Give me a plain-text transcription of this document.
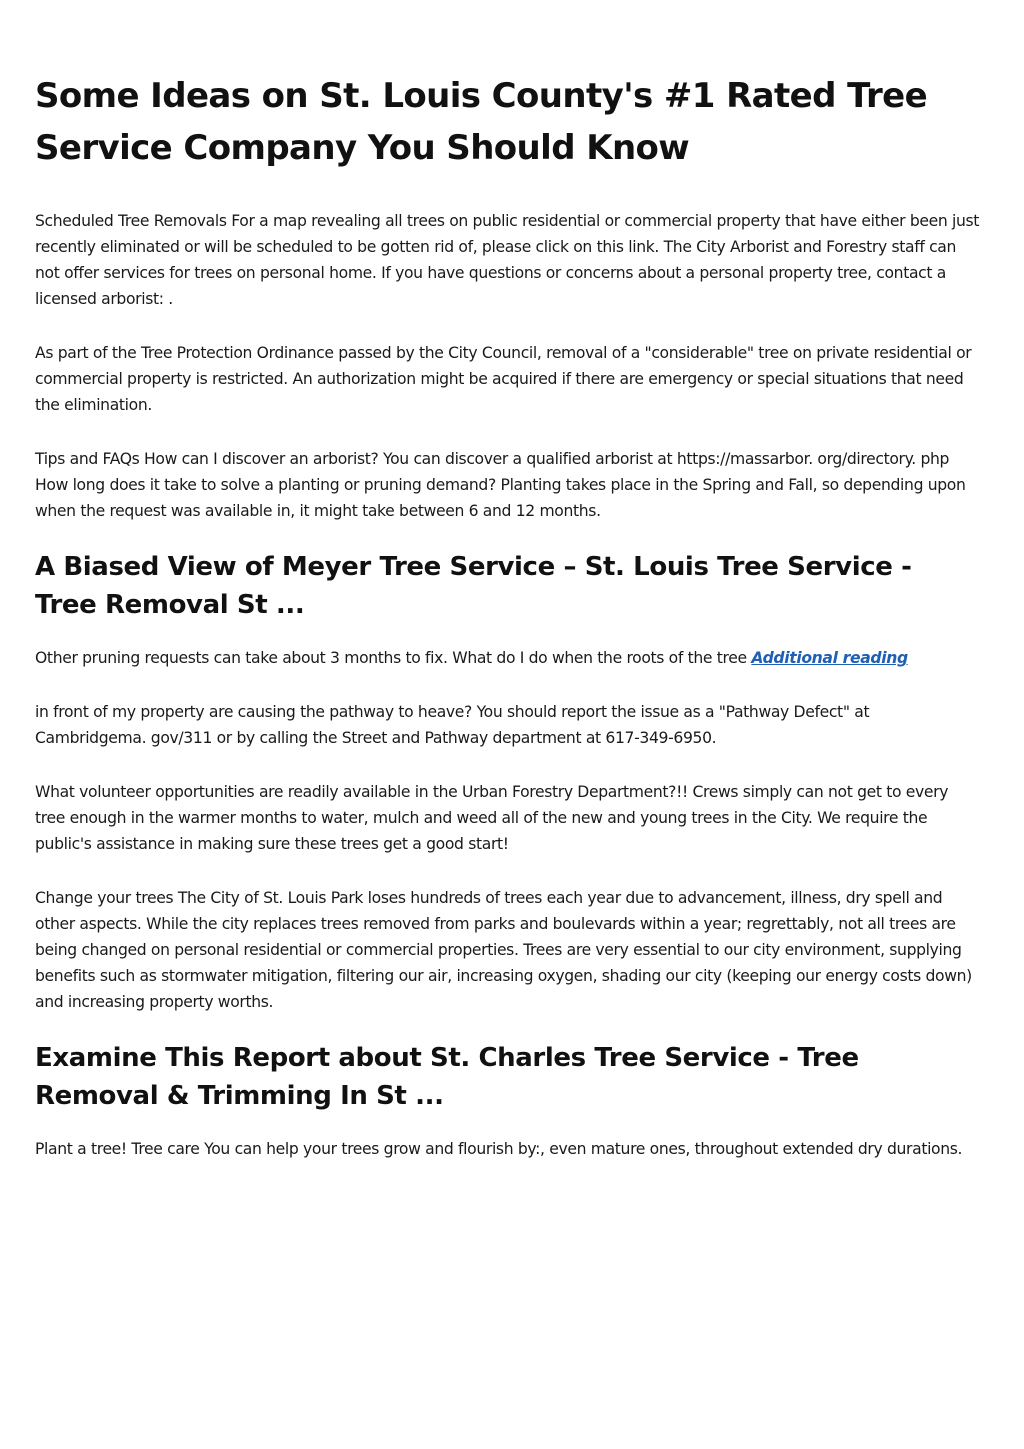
Some Ideas on St. Louis County's #1 Rated Tree Service Company You Should Know

Scheduled Tree Removals For a map revealing all trees on public residential or commercial property that have either been just recently eliminated or will be scheduled to be gotten rid of, please click on this link. The City Arborist and Forestry staff can not offer services for trees on personal home. If you have questions or concerns about a personal property tree, contact a licensed arborist: .

As part of the Tree Protection Ordinance passed by the City Council, removal of a "considerable" tree on private residential or commercial property is restricted. An authorization might be acquired if there are emergency or special situations that need the elimination.

Tips and FAQs How can I discover an arborist? You can discover a qualified arborist at https://massarbor. org/directory. php How long does it take to solve a planting or pruning demand? Planting takes place in the Spring and Fall, so depending upon when the request was available in, it might take between 6 and 12 months.

A Biased View of Meyer Tree Service – St. Louis Tree Service - Tree Removal St ...

Other pruning requests can take about 3 months to fix. What do I do when the roots of the tree Additional reading

in front of my property are causing the pathway to heave? You should report the issue as a "Pathway Defect" at Cambridgema. gov/311 or by calling the Street and Pathway department at 617-349-6950.

What volunteer opportunities are readily available in the Urban Forestry Department?!! Crews simply can not get to every tree enough in the warmer months to water, mulch and weed all of the new and young trees in the City. We require the public's assistance in making sure these trees get a good start!

Change your trees The City of St. Louis Park loses hundreds of trees each year due to advancement, illness, dry spell and other aspects. While the city replaces trees removed from parks and boulevards within a year; regrettably, not all trees are being changed on personal residential or commercial properties. Trees are very essential to our city environment, supplying benefits such as stormwater mitigation, filtering our air, increasing oxygen, shading our city (keeping our energy costs down) and increasing property worths.

Examine This Report about St. Charles Tree Service - Tree Removal & Trimming In St ...

Plant a tree! Tree care You can help your trees grow and flourish by:, even mature ones, throughout extended dry durations.
